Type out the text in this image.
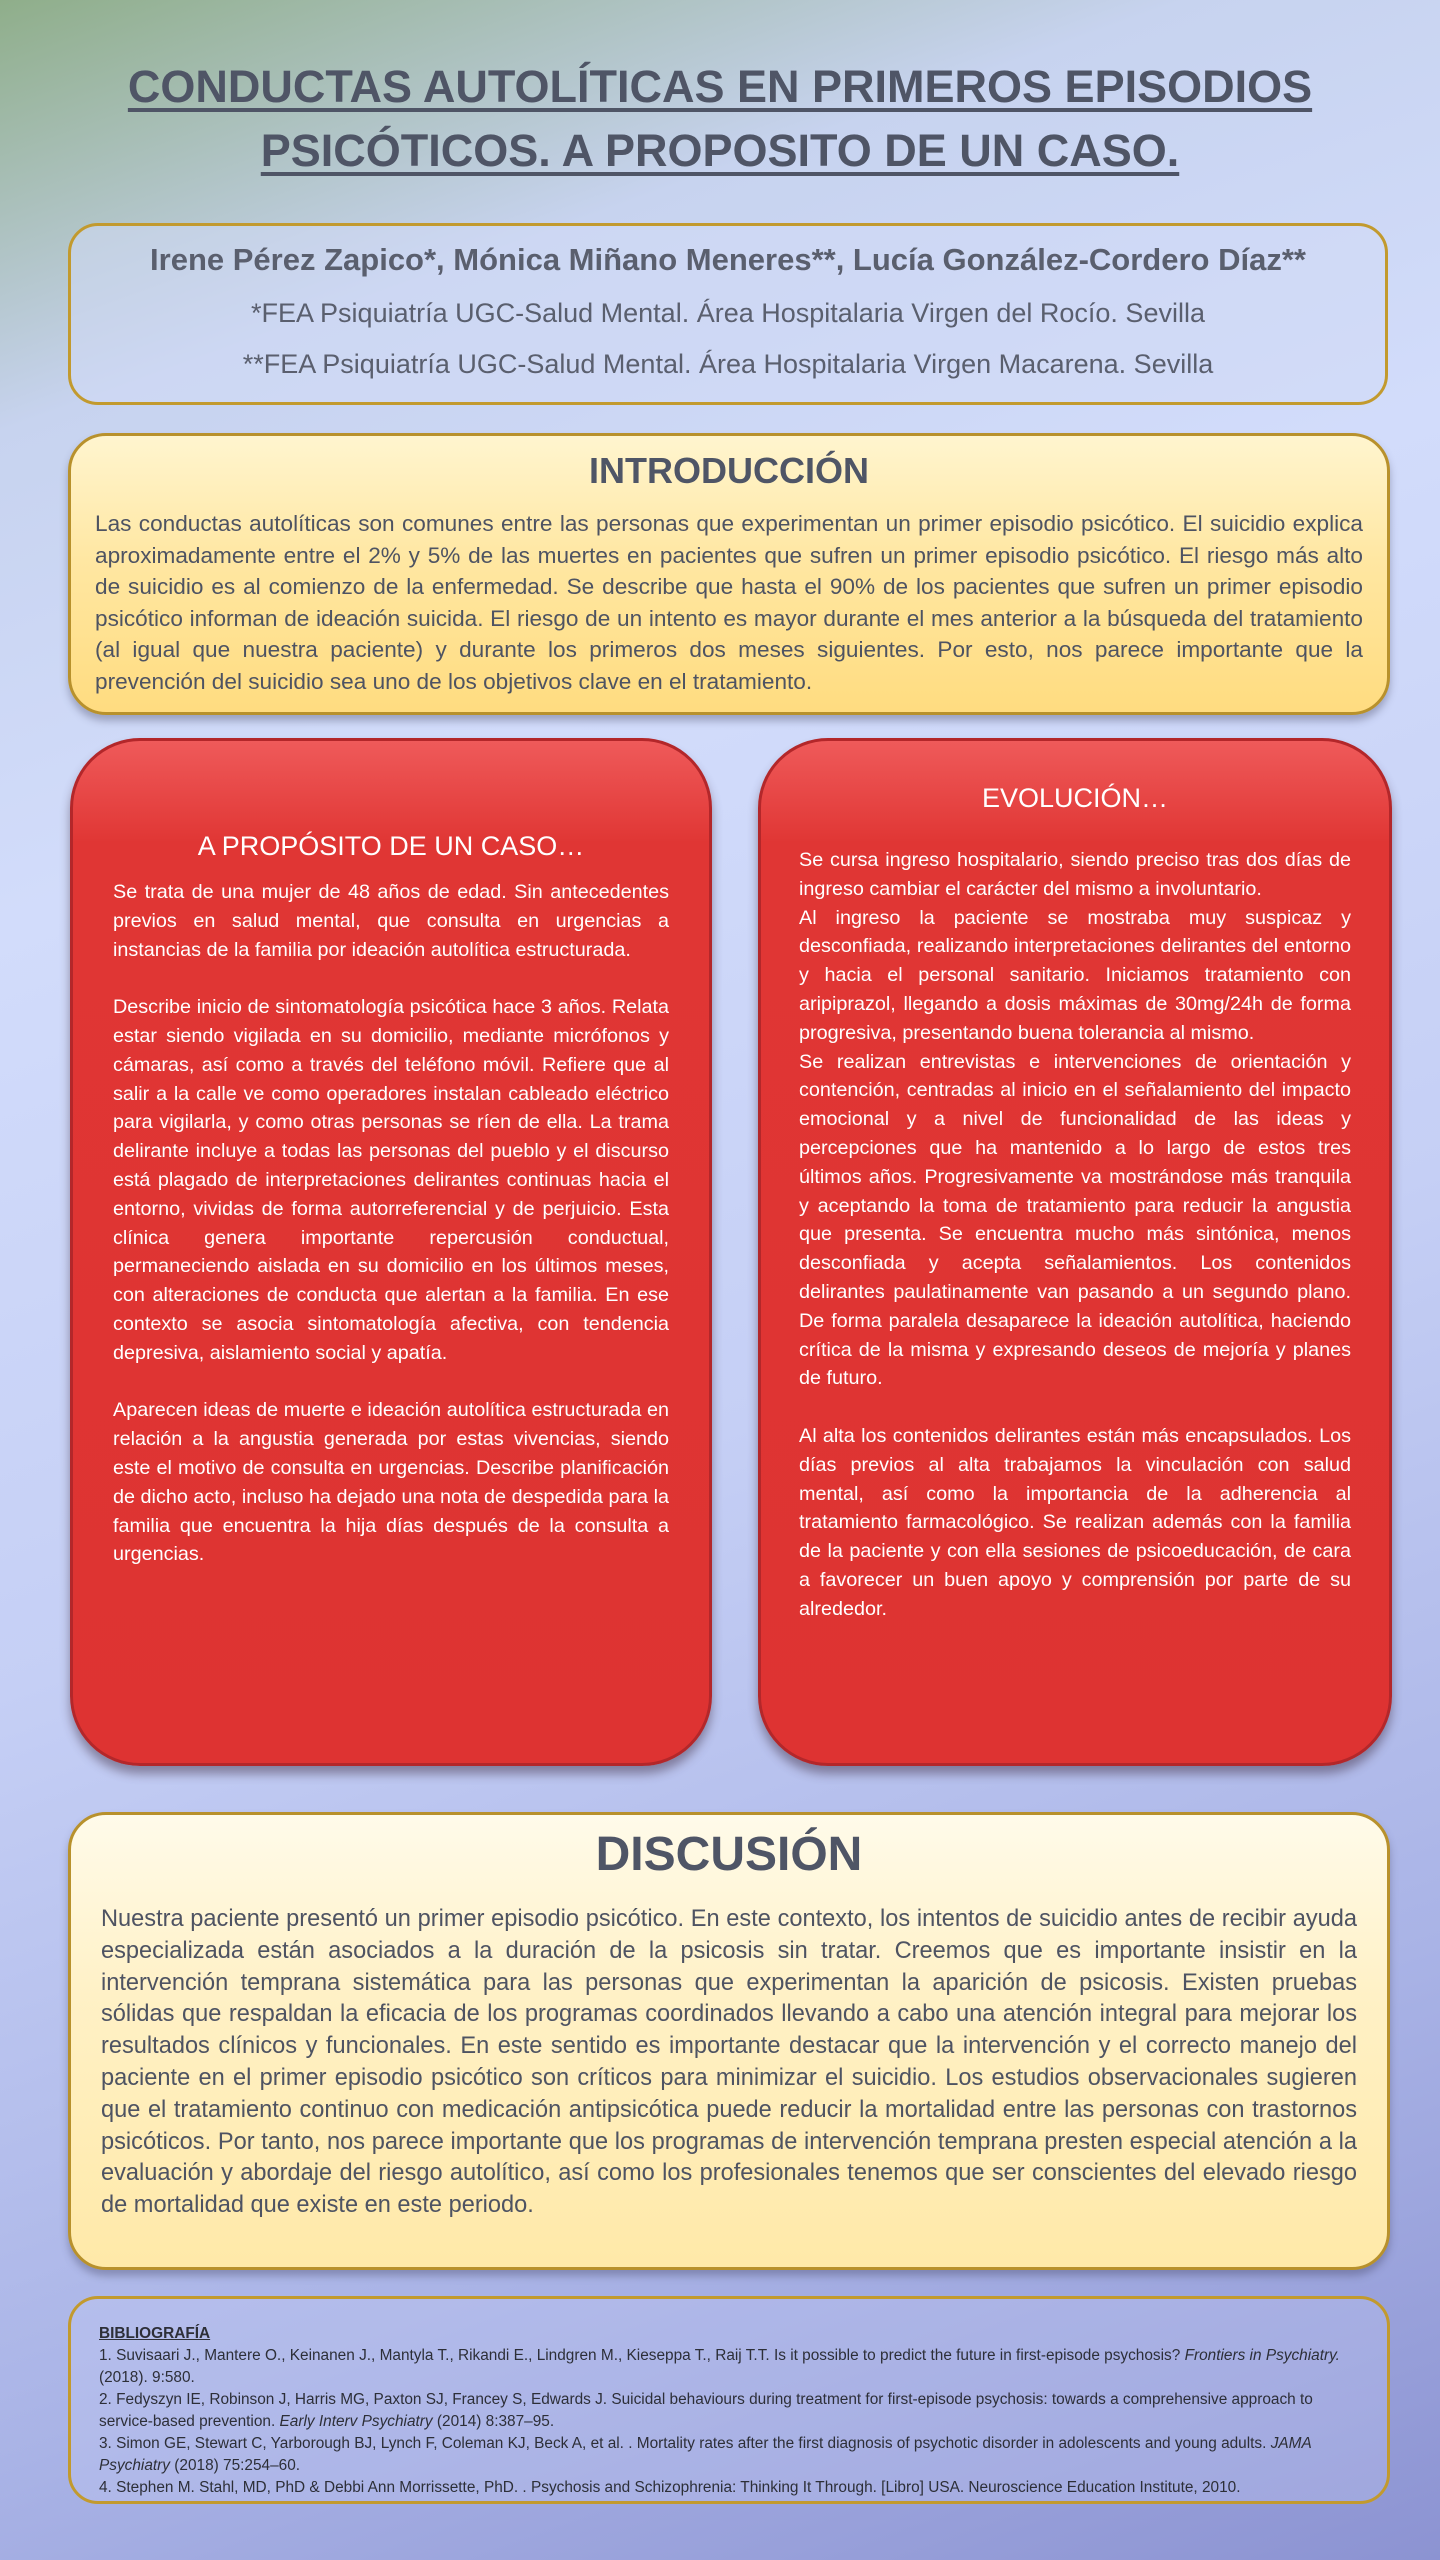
CONDUCTAS AUTOLÍTICAS EN PRIMEROS EPISODIOS
PSICÓTICOS. A PROPOSITO DE UN CASO.
Irene Pérez Zapico*, Mónica Miñano Meneres**, Lucía González-Cordero Díaz**
*FEA Psiquiatría UGC-Salud Mental. Área Hospitalaria Virgen del Rocío. Sevilla
**FEA Psiquiatría UGC-Salud Mental. Área Hospitalaria Virgen Macarena. Sevilla
INTRODUCCIÓN
Las conductas autolíticas son comunes entre las personas que experimentan un primer episodio psicótico. El suicidio explica aproximadamente entre el 2% y 5% de las muertes en pacientes que sufren un primer episodio psicótico. El riesgo más alto de suicidio es al comienzo de la enfermedad. Se describe que hasta el 90% de los pacientes que sufren un primer episodio psicótico informan de ideación suicida. El riesgo de un intento es mayor durante el mes anterior a la búsqueda del tratamiento (al igual que nuestra paciente) y durante los primeros dos meses siguientes. Por esto, nos parece importante que la prevención del suicidio sea uno de los objetivos clave en el tratamiento.
A PROPÓSITO DE UN CASO…
Se trata de una mujer de 48 años de edad. Sin antecedentes previos en salud mental, que consulta en urgencias a instancias de la familia por ideación autolítica estructurada.
Describe inicio de sintomatología psicótica hace 3 años. Relata estar siendo vigilada en su domicilio, mediante micrófonos y cámaras, así como a través del teléfono móvil. Refiere que al salir a la calle ve como operadores instalan cableado eléctrico para vigilarla, y como otras personas se ríen de ella. La trama delirante incluye a todas las personas del pueblo y el discurso está plagado de interpretaciones delirantes continuas hacia el entorno, vividas de forma autorreferencial y de perjuicio. Esta clínica genera importante repercusión conductual, permaneciendo aislada en su domicilio en los últimos meses, con alteraciones de conducta que alertan a la familia. En ese contexto se asocia sintomatología afectiva, con tendencia depresiva, aislamiento social y apatía.
Aparecen ideas de muerte e ideación autolítica estructurada en relación a la angustia generada por estas vivencias, siendo este el motivo de consulta en urgencias. Describe planificación de dicho acto, incluso ha dejado una nota de despedida para la familia que encuentra la hija días después de la consulta a urgencias.
EVOLUCIÓN…
Se cursa ingreso hospitalario, siendo preciso tras dos días de ingreso cambiar el carácter del mismo a involuntario.
Al ingreso la paciente se mostraba muy suspicaz y desconfiada, realizando interpretaciones delirantes del entorno y hacia el personal sanitario. Iniciamos tratamiento con aripiprazol, llegando a dosis máximas de 30mg/24h de forma progresiva, presentando buena tolerancia al mismo.
Se realizan entrevistas e intervenciones de orientación y contención, centradas al inicio en el señalamiento del impacto emocional y a nivel de funcionalidad de las ideas y percepciones que ha mantenido a lo largo de estos tres últimos años. Progresivamente va mostrándose más tranquila y aceptando la toma de tratamiento para reducir la angustia que presenta. Se encuentra mucho más sintónica, menos desconfiada y acepta señalamientos. Los contenidos delirantes paulatinamente van pasando a un segundo plano. De forma paralela desaparece la ideación autolítica, haciendo crítica de la misma y expresando deseos de mejoría y planes de futuro.
Al alta los contenidos delirantes están más encapsulados. Los días previos al alta trabajamos la vinculación con salud mental, así como la importancia de la adherencia al tratamiento farmacológico. Se realizan además con la familia de la paciente y con ella sesiones de psicoeducación, de cara a favorecer un buen apoyo y comprensión por parte de su alrededor.
DISCUSIÓN
Nuestra paciente presentó un primer episodio psicótico. En este contexto, los intentos de suicidio antes de recibir ayuda especializada están asociados a la duración de la psicosis sin tratar. Creemos que es importante insistir en la intervención temprana sistemática para las personas que experimentan la aparición de psicosis. Existen pruebas sólidas que respaldan la eficacia de los programas coordinados llevando a cabo una atención integral para mejorar los resultados clínicos y funcionales. En este sentido es importante destacar que la intervención y el correcto manejo del paciente en el primer episodio psicótico son críticos para minimizar el suicidio. Los estudios observacionales sugieren que el tratamiento continuo con medicación antipsicótica puede reducir la mortalidad entre las personas con trastornos psicóticos. Por tanto, nos parece importante que los programas de intervención temprana presten especial atención a la evaluación y abordaje del riesgo autolítico, así como los profesionales tenemos que ser conscientes del elevado riesgo de mortalidad que existe en este periodo.
BIBLIOGRAFÍA
1. Suvisaari J., Mantere O., Keinanen J., Mantyla T., Rikandi E., Lindgren M., Kieseppa T., Raij T.T. Is it possible to predict the future in first-episode psychosis? Frontiers in Psychiatry. (2018). 9:580.
2. Fedyszyn IE, Robinson J, Harris MG, Paxton SJ, Francey S, Edwards J. Suicidal behaviours during treatment for first-episode psychosis: towards a comprehensive approach to service-based prevention. Early Interv Psychiatry (2014) 8:387–95.
3. Simon GE, Stewart C, Yarborough BJ, Lynch F, Coleman KJ, Beck A, et al. . Mortality rates after the first diagnosis of psychotic disorder in adolescents and young adults. JAMA Psychiatry (2018) 75:254–60.
4. Stephen M. Stahl, MD, PhD & Debbi Ann Morrissette, PhD. . Psychosis and Schizophrenia: Thinking It Through. [Libro] USA. Neuroscience Education Institute, 2010.
